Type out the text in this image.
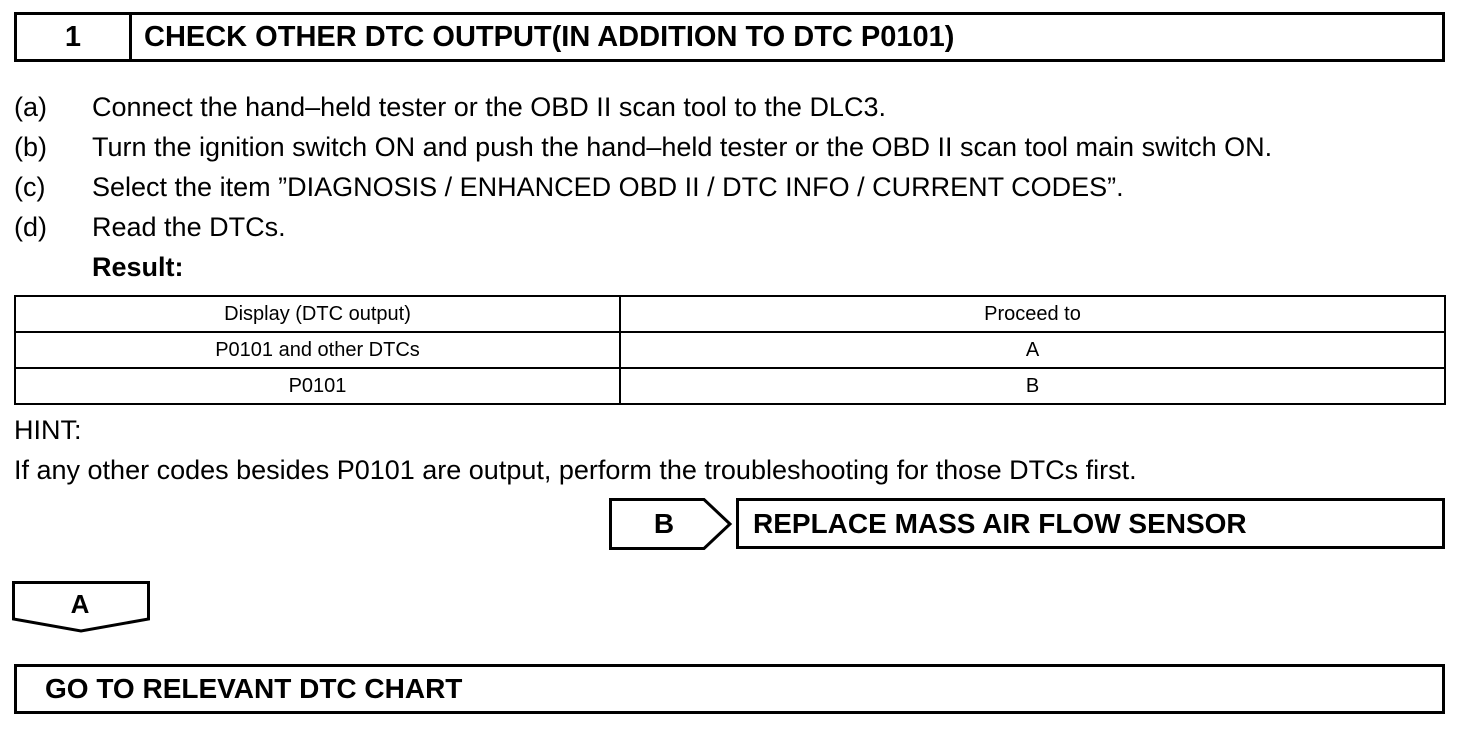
1	CHECK OTHER DTC OUTPUT(IN ADDITION TO DTC P0101)
(a) Connect the hand–held tester or the OBD II scan tool to the DLC3.
(b) Turn the ignition switch ON and push the hand–held tester or the OBD II scan tool main switch ON.
(c) Select the item ”DIAGNOSIS / ENHANCED OBD II / DTC INFO / CURRENT CODES”.
(d) Read the DTCs.
Result:
Display (DTC output)	Proceed to
P0101 and other DTCs	A
P0101	B
HINT:
If any other codes besides P0101 are output, perform the troubleshooting for those DTCs first.
B	REPLACE MASS AIR FLOW SENSOR
A
GO TO RELEVANT DTC CHART
